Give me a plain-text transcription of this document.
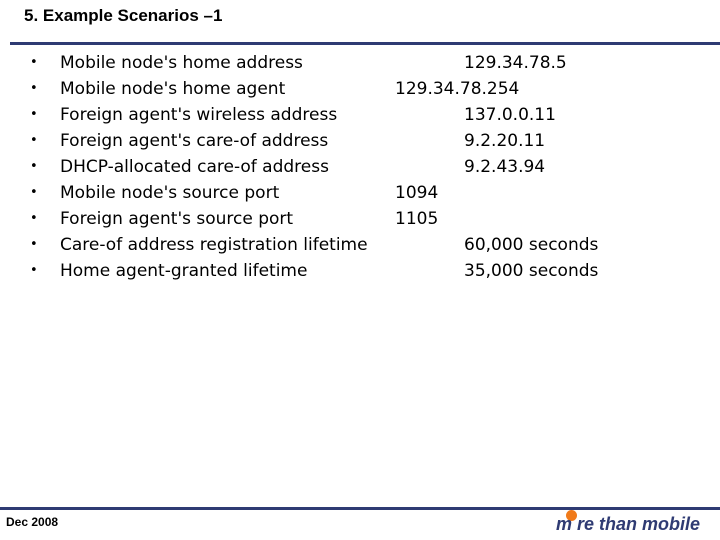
5. Example Scenarios –1
• Mobile node's home address	129.34.78.5
• Mobile node's home agent	129.34.78.254
• Foreign agent's wireless address	137.0.0.11
• Foreign agent's care-of address	9.2.20.11
• DHCP-allocated care-of address	9.2.43.94
• Mobile node's source port	1094
• Foreign agent's source port	1105
• Care-of address registration lifetime	60,000 seconds
• Home agent-granted lifetime	35,000 seconds
Dec 2008	m re than mobile
